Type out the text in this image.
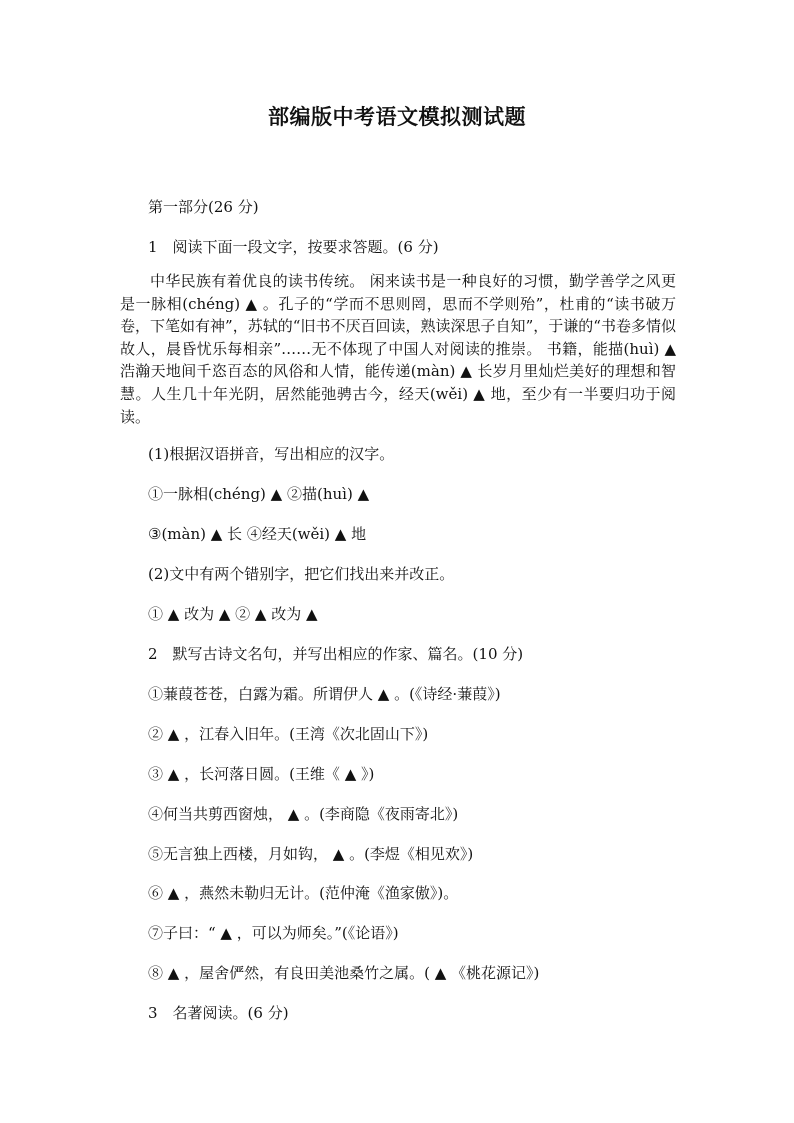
部编版中考语文模拟测试题
第一部分(26 分)
1　阅读下面一段文字，按要求答题。(6 分)
中华民族有着优良的读书传统。 闲来读书是一种良好的习惯，勤学善学之风更是一脉相(chéng) ▲ 。孔子的“学而不思则罔，思而不学则殆”，杜甫的“读书破万卷，下笔如有神”，苏轼的“旧书不厌百回读，熟读深思子自知”，于谦的“书卷多情似故人，晨昏忧乐每相亲”……无不体现了中国人对阅读的推崇。 书籍，能描(huì) ▲ 浩瀚天地间千恣百态的风俗和人情，能传递(màn) ▲ 长岁月里灿烂美好的理想和智慧。人生几十年光阴，居然能弛骋古今，经天(wěi) ▲ 地，至少有一半要归功于阅读。
(1)根据汉语拼音，写出相应的汉字。
①一脉相(chéng) ▲ ②描(huì) ▲
③(màn) ▲ 长 ④经天(wěi) ▲ 地
(2)文中有两个错别字，把它们找出来并改正。
① ▲ 改为 ▲ ② ▲ 改为 ▲
2　默写古诗文名句，并写出相应的作家、篇名。(10 分)
①蒹葭苍苍，白露为霜。所谓伊人 ▲ 。(《诗经·蒹葭》)
② ▲ ，江春入旧年。(王湾《次北固山下》)
③ ▲ ，长河落日圆。(王维《 ▲ 》)
④何当共剪西窗烛， ▲ 。(李商隐《夜雨寄北》)
⑤无言独上西楼，月如钩， ▲ 。(李煜《相见欢》)
⑥ ▲ ，燕然未勒归无计。(范仲淹《渔家傲》)。
⑦子曰：“ ▲ ，可以为师矣。”(《论语》)
⑧ ▲ ，屋舍俨然，有良田美池桑竹之属。( ▲ 《桃花源记》)
3　名著阅读。(6 分)
